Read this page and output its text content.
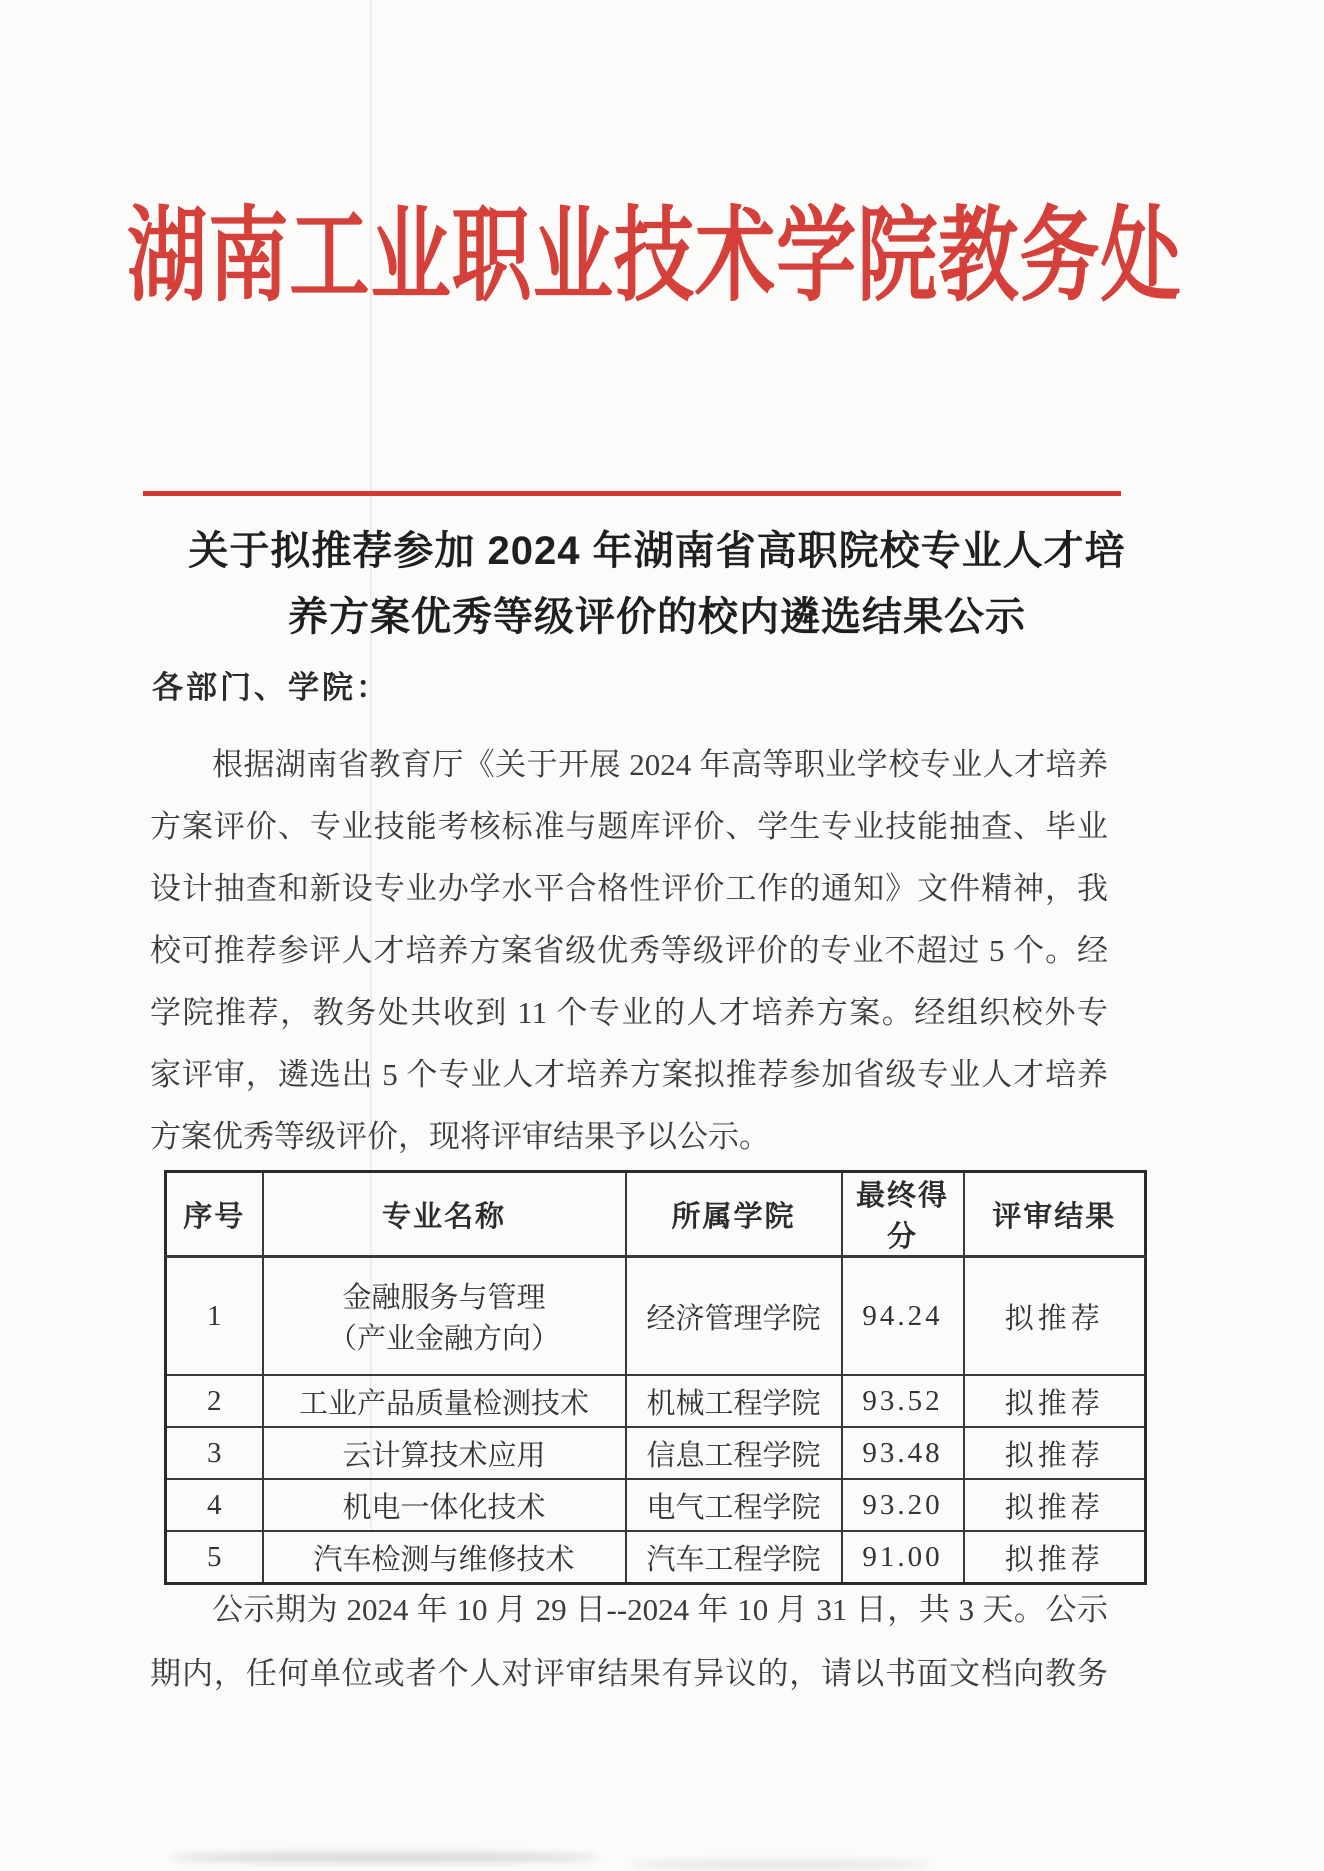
湖南工业职业技术学院教务处
关于拟推荐参加 2024 年湖南省高职院校专业人才培
养方案优秀等级评价的校内遴选结果公示
各部门、学院：
根据湖南省教育厅《关于开展 2024 年高等职业学校专业人才培养
方案评价、专业技能考核标准与题库评价、学生专业技能抽查、毕业
设计抽查和新设专业办学水平合格性评价工作的通知》文件精神，我
校可推荐参评人才培养方案省级优秀等级评价的专业不超过 5 个。经
学院推荐，教务处共收到 11 个专业的人才培养方案。经组织校外专
家评审，遴选出 5 个专业人才培养方案拟推荐参加省级专业人才培养
方案优秀等级评价，现将评审结果予以公示。
序号	专业名称	所属学院	最终得分	评审结果
1	金融服务与管理
（产业金融方向）	经济管理学院	94.24	拟推荐
2	工业产品质量检测技术	机械工程学院	93.52	拟推荐
3	云计算技术应用	信息工程学院	93.48	拟推荐
4	机电一体化技术	电气工程学院	93.20	拟推荐
5	汽车检测与维修技术	汽车工程学院	91.00	拟推荐
公示期为 2024 年 10 月 29 日--2024 年 10 月 31 日，共 3 天。公示
期内，任何单位或者个人对评审结果有异议的，请以书面文档向教务
